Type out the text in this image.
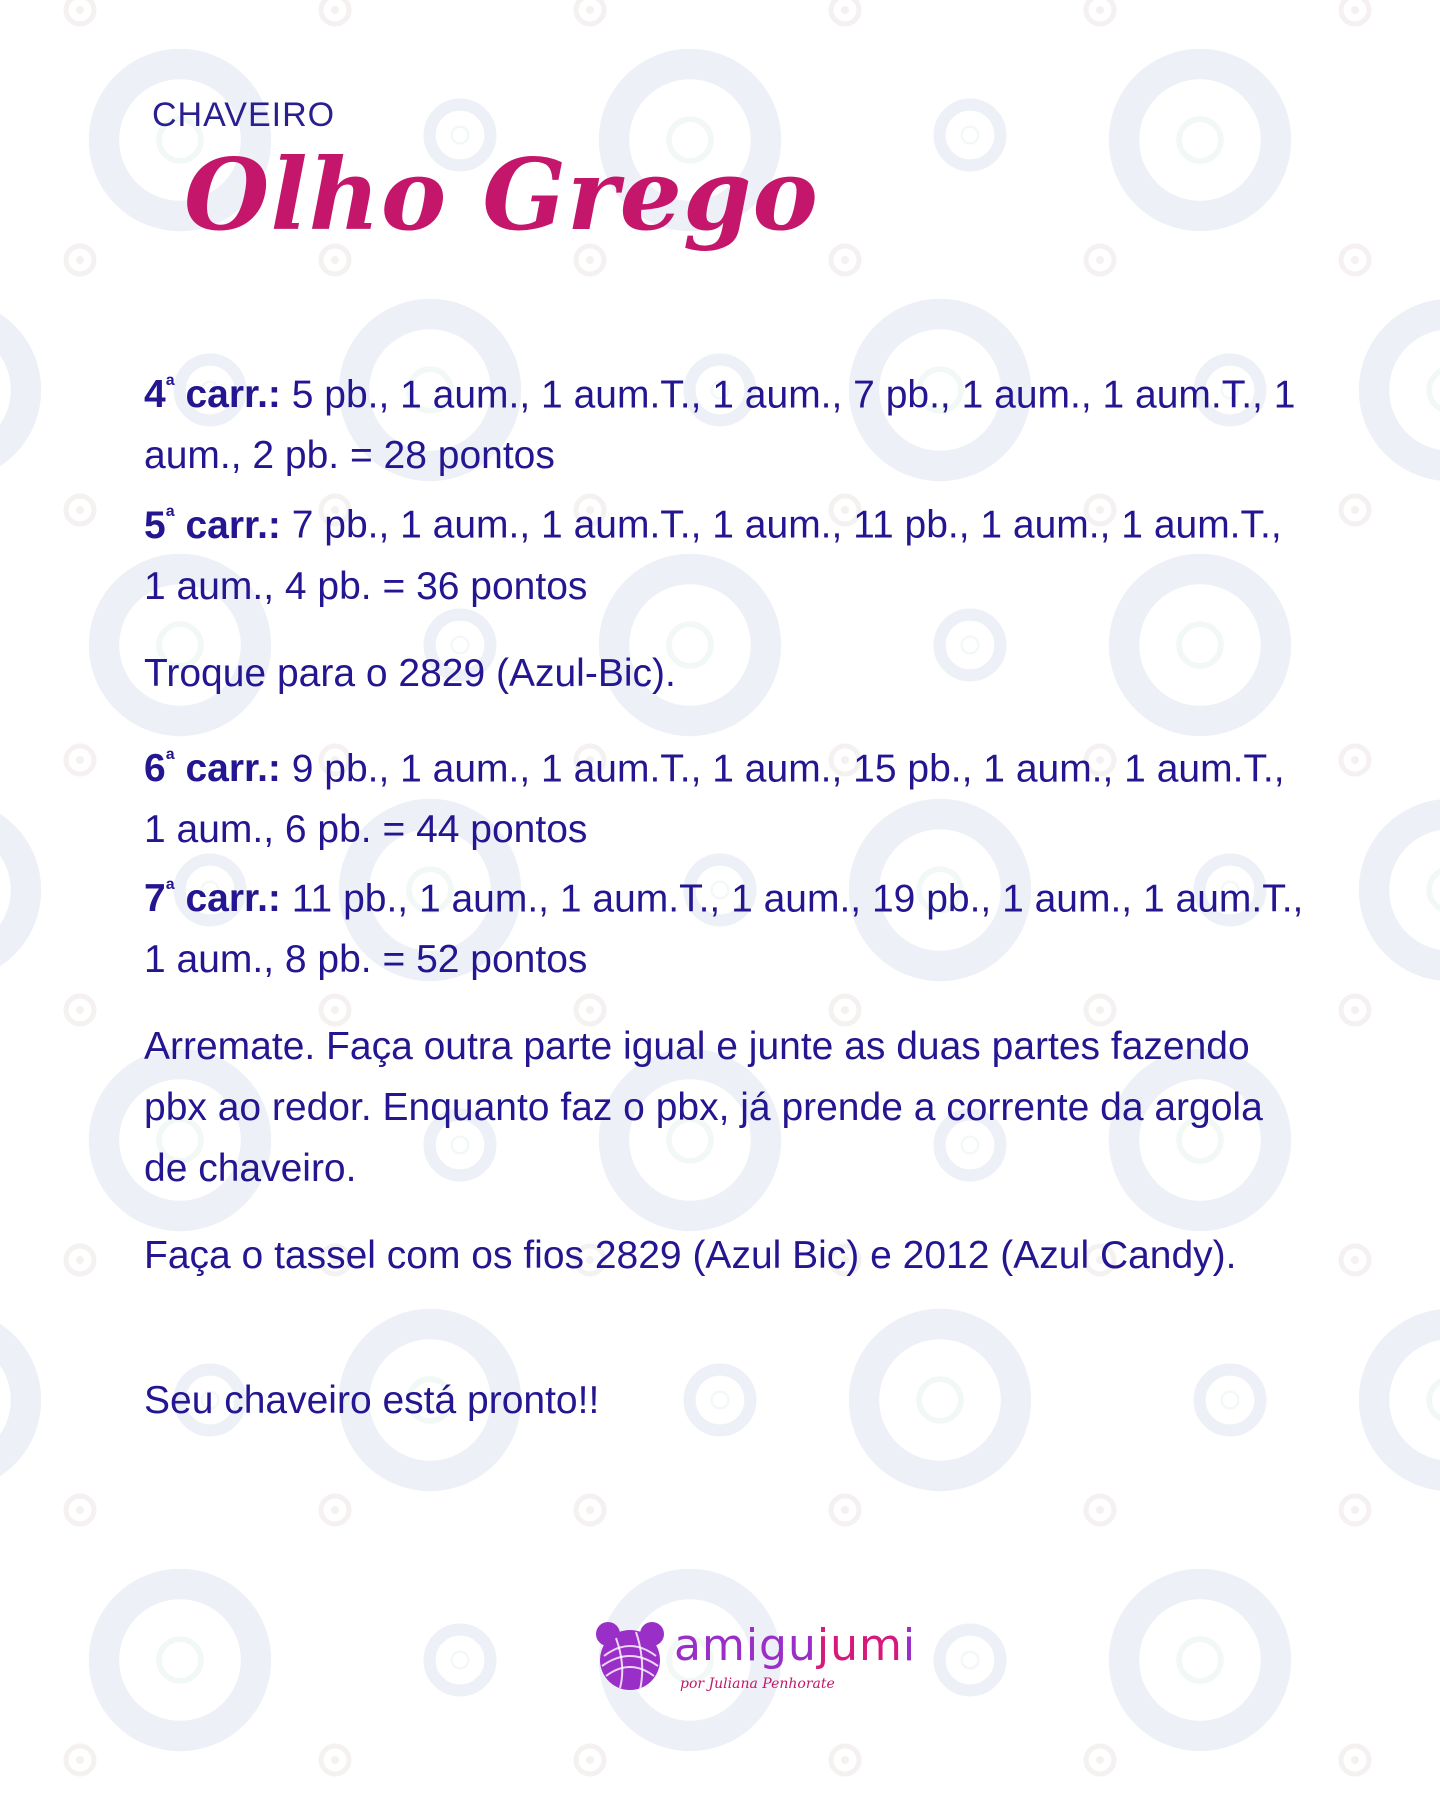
CHAVEIRO
Olho Grego

$4^ª$ carr.: 5 pb., 1 aum., 1 aum.T., 1 aum., 7 pb., 1 aum., 1 aum.T., 1 aum., 2 pb. = 28 pontos

$5^ª$ carr.: 7 pb., 1 aum., 1 aum.T., 1 aum., 11 pb., 1 aum., 1 aum.T., 1 aum., 4 pb. = 36 pontos

Troque para o 2829 (Azul-Bic).

$6^ª$ carr.: 9 pb., 1 aum., 1 aum.T., 1 aum., 15 pb., 1 aum., 1 aum.T., 1 aum., 6 pb. = 44 pontos

$7^ª$ carr.: 11 pb., 1 aum., 1 aum.T., 1 aum., 19 pb., 1 aum., 1 aum.T., 1 aum., 8 pb. = 52 pontos

Arremate. Faça outra parte igual e junte as duas partes fazendo pbx ao redor. Enquanto faz o pbx, já prende a corrente da argola de chaveiro.

Faça o tassel com os fios 2829 (Azul Bic) e 2012 (Azul Candy).

Seu chaveiro está pronto!!

amigujumi
por Juliana Penhorate
